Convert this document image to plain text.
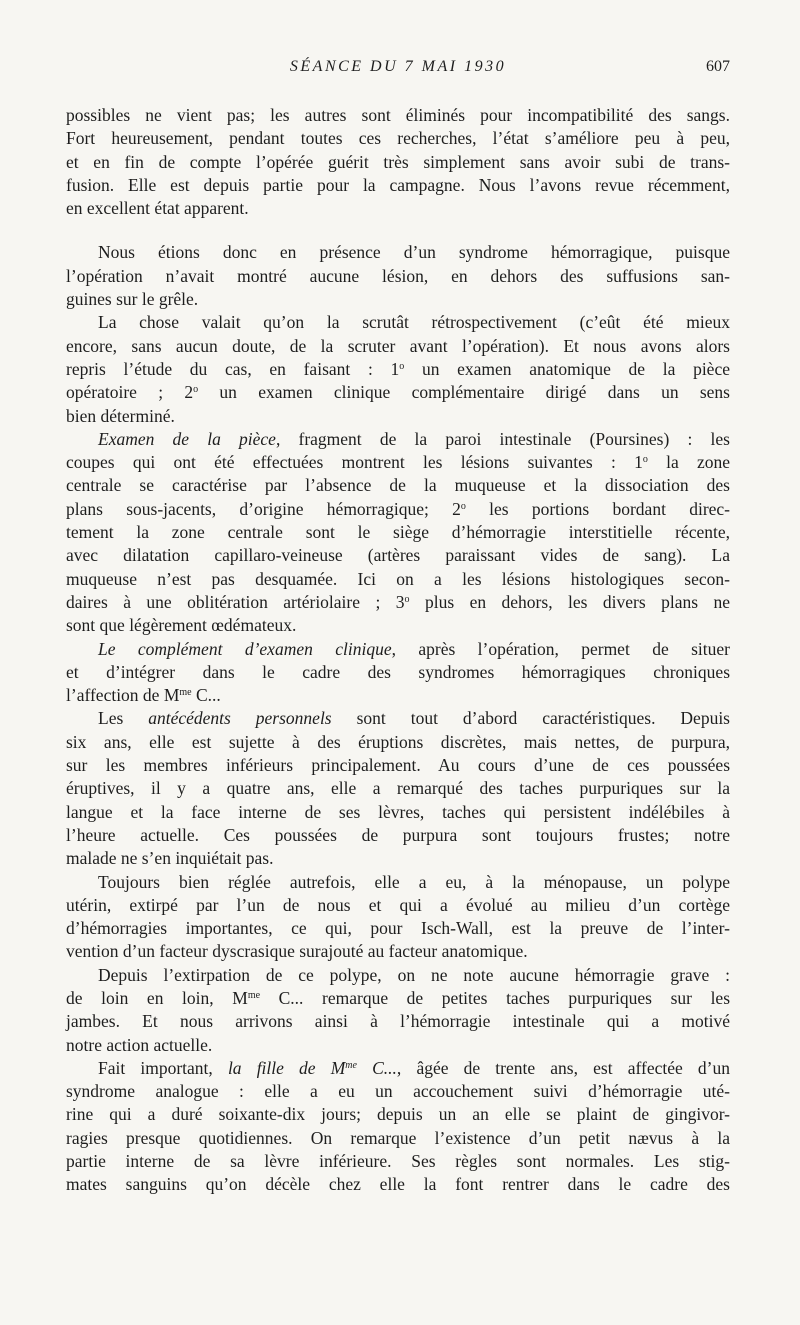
SÉANCE DU 7 MAI 1930	607

possibles ne vient pas; les autres sont éliminés pour incompatibilité des sangs.

Fort heureusement, pendant toutes ces recherches, l’état s’améliore peu à peu,

et en fin de compte l’opérée guérit très simplement sans avoir subi de trans-

fusion. Elle est depuis partie pour la campagne. Nous l’avons revue récemment,

en excellent état apparent.

Nous étions donc en présence d’un syndrome hémorragique, puisque

l’opération n’avait montré aucune lésion, en dehors des suffusions san-

guines sur le grêle.

La chose valait qu’on la scrutât rétrospectivement (c’eût été mieux

encore, sans aucun doute, de la scruter avant l’opération). Et nous avons alors

repris l’étude du cas, en faisant : 1$^o$ un examen anatomique de la pièce

opératoire ; 2$^o$ un examen clinique complémentaire dirigé dans un sens

bien déterminé.

Examen de la pièce, fragment de la paroi intestinale (Poursines) : les

coupes qui ont été effectuées montrent les lésions suivantes : 1$^o$ la zone

centrale se caractérise par l’absence de la muqueuse et la dissociation des

plans sous-jacents, d’origine hémorragique; 2$^o$ les portions bordant direc-

tement la zone centrale sont le siège d’hémorragie interstitielle récente,

avec dilatation capillaro-veineuse (artères paraissant vides de sang). La

muqueuse n’est pas desquamée. Ici on a les lésions histologiques secon-

daires à une oblitération artériolaire ; 3$^o$ plus en dehors, les divers plans ne

sont que légèrement œdémateux.

Le complément d’examen clinique, après l’opération, permet de situer

et d’intégrer dans le cadre des syndromes hémorragiques chroniques

l’affection de $M^{me}$ C...

Les antécédents personnels sont tout d’abord caractéristiques. Depuis

six ans, elle est sujette à des éruptions discrètes, mais nettes, de purpura,

sur les membres inférieurs principalement. Au cours d’une de ces poussées

éruptives, il y a quatre ans, elle a remarqué des taches purpuriques sur la

langue et la face interne de ses lèvres, taches qui persistent indélébiles à

l’heure actuelle. Ces poussées de purpura sont toujours frustes; notre

malade ne s’en inquiétait pas.

Toujours bien réglée autrefois, elle a eu, à la ménopause, un polype

utérin, extirpé par l’un de nous et qui a évolué au milieu d’un cortège

d’hémorragies importantes, ce qui, pour Isch-Wall, est la preuve de l’inter-

vention d’un facteur dyscrasique surajouté au facteur anatomique.

Depuis l’extirpation de ce polype, on ne note aucune hémorragie grave :

de loin en loin, $M^{me}$ C... remarque de petites taches purpuriques sur les

jambes. Et nous arrivons ainsi à l’hémorragie intestinale qui a motivé

notre action actuelle.

Fait important, la fille de $M^{me}$ C..., âgée de trente ans, est affectée d’un

syndrome analogue : elle a eu un accouchement suivi d’hémorragie uté-

rine qui a duré soixante-dix jours; depuis un an elle se plaint de gingivor-

ragies presque quotidiennes. On remarque l’existence d’un petit nævus à la

partie interne de sa lèvre inférieure. Ses règles sont normales. Les stig-

mates sanguins qu’on décèle chez elle la font rentrer dans le cadre des
